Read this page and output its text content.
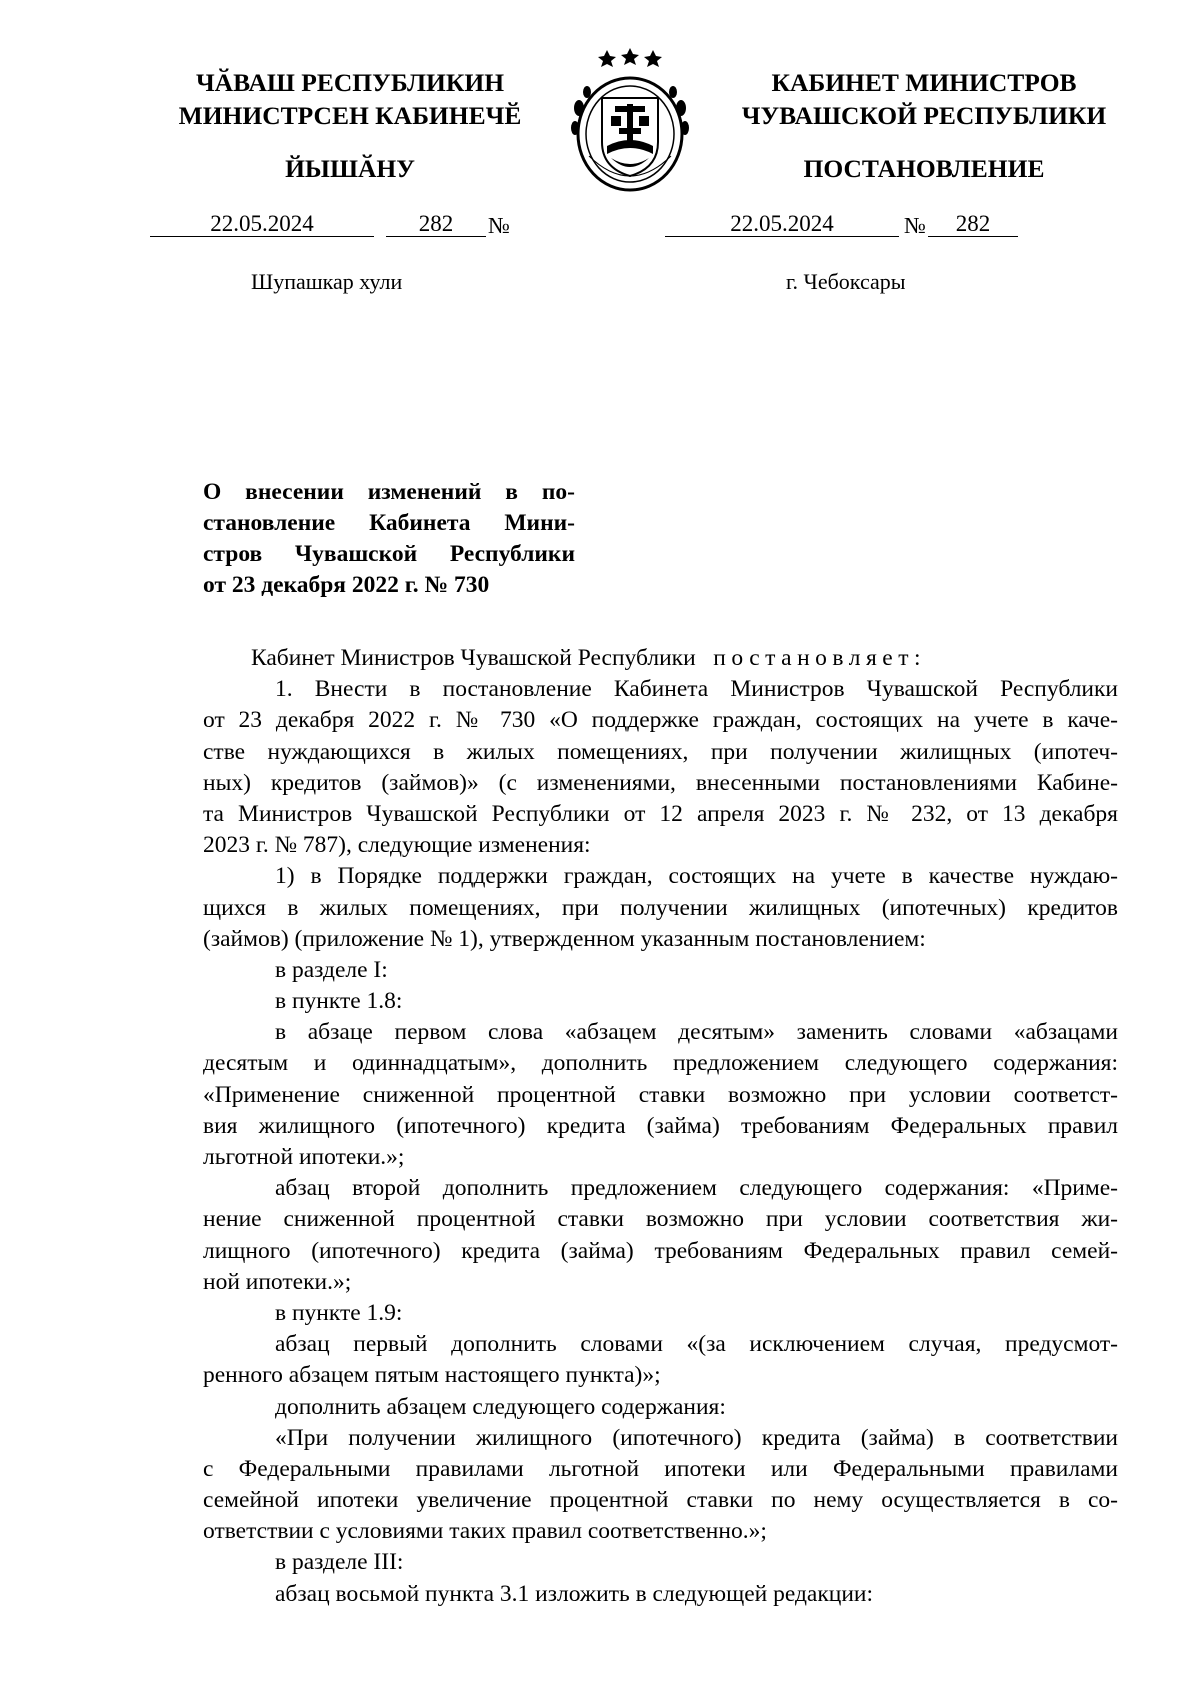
ЧӐВАШ РЕСПУБЛИКИН
МИНИСТРСЕН КАБИНЕЧӖ
ЙЫШӐНУ
КАБИНЕТ МИНИСТРОВ
ЧУВАШСКОЙ РЕСПУБЛИКИ
ПОСТАНОВЛЕНИЕ
22.05.2024	282	№	22.05.2024	№	282
Шупашкар хули	г. Чебоксары
О внесении изменений в по-
становление Кабинета Мини-
стров Чувашской Республики
от 23 декабря 2022 г. № 730
Кабинет Министров Чувашской Республики постановляет:
1. Внести в постановление Кабинета Министров Чувашской Республики
от 23 декабря 2022 г. № 730 «О поддержке граждан, состоящих на учете в каче-
стве нуждающихся в жилых помещениях, при получении жилищных (ипотеч-
ных) кредитов (займов)» (с изменениями, внесенными постановлениями Кабине-
та Министров Чувашской Республики от 12 апреля 2023 г. № 232, от 13 декабря
2023 г. № 787), следующие изменения:
1) в Порядке поддержки граждан, состоящих на учете в качестве нуждаю-
щихся в жилых помещениях, при получении жилищных (ипотечных) кредитов
(займов) (приложение № 1), утвержденном указанным постановлением:
в разделе I:
в пункте 1.8:
в абзаце первом слова «абзацем десятым» заменить словами «абзацами
десятым и одиннадцатым», дополнить предложением следующего содержания:
«Применение сниженной процентной ставки возможно при условии соответст-
вия жилищного (ипотечного) кредита (займа) требованиям Федеральных правил
льготной ипотеки.»;
абзац второй дополнить предложением следующего содержания: «Приме-
нение сниженной процентной ставки возможно при условии соответствия жи-
лищного (ипотечного) кредита (займа) требованиям Федеральных правил семей-
ной ипотеки.»;
в пункте 1.9:
абзац первый дополнить словами «(за исключением случая, предусмот-
ренного абзацем пятым настоящего пункта)»;
дополнить абзацем следующего содержания:
«При получении жилищного (ипотечного) кредита (займа) в соответствии
с Федеральными правилами льготной ипотеки или Федеральными правилами
семейной ипотеки увеличение процентной ставки по нему осуществляется в со-
ответствии с условиями таких правил соответственно.»;
в разделе III:
абзац восьмой пункта 3.1 изложить в следующей редакции:
